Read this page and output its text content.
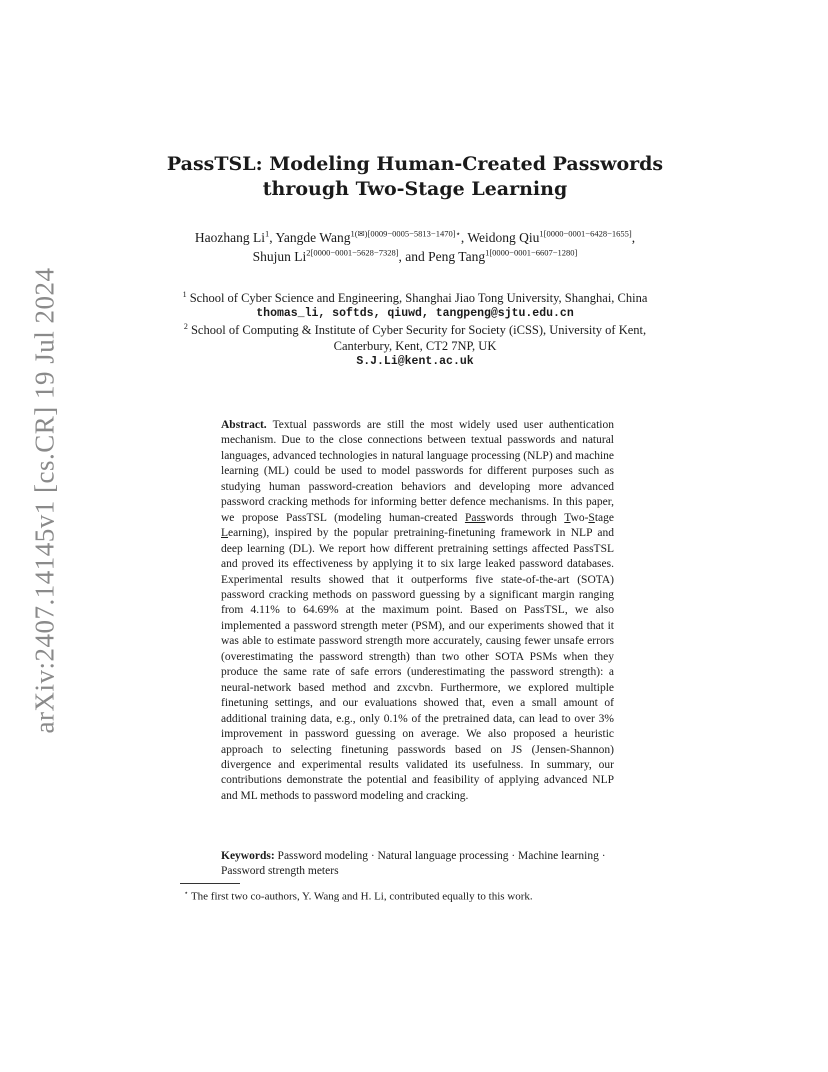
arXiv:2407.14145v1 [cs.CR] 19 Jul 2024
PassTSL: Modeling Human-Created Passwords
through Two-Stage Learning
Haozhang Li$^1$, Yangde Wang$^{1(✉)[0009-0005-5813-1470]⋆}$, Weidong Qiu$^{1[0000-0001-6428-1655]}$, Shujun $Li^{2[0000-0001-5628-7328]}$, and Peng Tang$^{1[0000-0001-6607-1280]}$
$^1$ School of Cyber Science and Engineering, Shanghai Jiao Tong University, Shanghai, China
thomas_li, softds, qiuwd, tangpeng@sjtu.edu.cn
$^2$ School of Computing & Institute of Cyber Security for Society (iCSS), University of Kent, Canterbury, Kent, CT2 7NP, UK
S.J.Li@kent.ac.uk
Abstract. Textual passwords are still the most widely used user authentication mechanism. Due to the close connections between textual passwords and natural languages, advanced technologies in natural language processing (NLP) and machine learning (ML) could be used to model passwords for different purposes such as studying human password-creation behaviors and developing more advanced password cracking methods for informing better defence mechanisms. In this paper, we propose PassTSL (modeling human-created Passwords through Two-Stage Learning), inspired by the popular pretraining-finetuning framework in NLP and deep learning (DL). We report how different pretraining settings affected PassTSL and proved its effectiveness by applying it to six large leaked password databases. Experimental results showed that it outperforms five state-of-the-art (SOTA) password cracking methods on password guessing by a significant margin ranging from 4.11% to 64.69% at the maximum point. Based on PassTSL, we also implemented a password strength meter (PSM), and our experiments showed that it was able to estimate password strength more accurately, causing fewer unsafe errors (overestimating the password strength) than two other SOTA PSMs when they produce the same rate of safe errors (underestimating the password strength): a neural-network based method and zxcvbn. Furthermore, we explored multiple finetuning settings, and our evaluations showed that, even a small amount of additional training data, e.g., only 0.1% of the pretrained data, can lead to over 3% improvement in password guessing on average. We also proposed a heuristic approach to selecting finetuning passwords based on JS (Jensen-Shannon) divergence and experimental results validated its usefulness. In summary, our contributions demonstrate the potential and feasibility of applying advanced NLP and ML methods to password modeling and cracking.
Keywords: Password modeling · Natural language processing · Machine learning · Password strength meters
⋆ The first two co-authors, Y. Wang and H. Li, contributed equally to this work.
